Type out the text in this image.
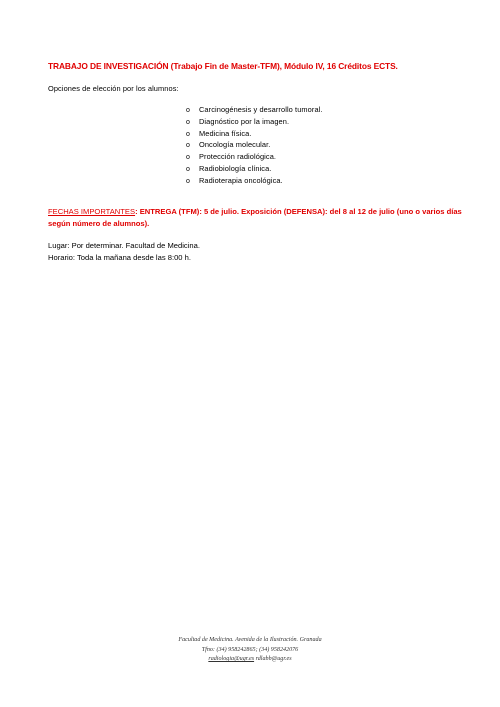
TRABAJO DE INVESTIGACIÓN (Trabajo Fin de Master-TFM), Módulo IV, 16 Créditos ECTS.
Opciones de elección por los alumnos:
o Carcinogénesis y desarrollo tumoral.
o Diagnóstico por la imagen.
o Medicina física.
o Oncología molecular.
o Protección radiológica.
o Radiobiología clínica.
o Radioterapia oncológica.
FECHAS IMPORTANTES: ENTREGA (TFM): 5 de julio. Exposición (DEFENSA): del 8 al 12 de julio (uno o varios días según número de alumnos).
Lugar: Por determinar. Facultad de Medicina.
Horario: Toda la mañana desde las 8:00 h.
Facultad de Medicina. Avenida de la Ilustración. Granada
Tfno: (34) 958242865; (34) 958242076
radiologia@ugr.es rdlabb@ugr.es
